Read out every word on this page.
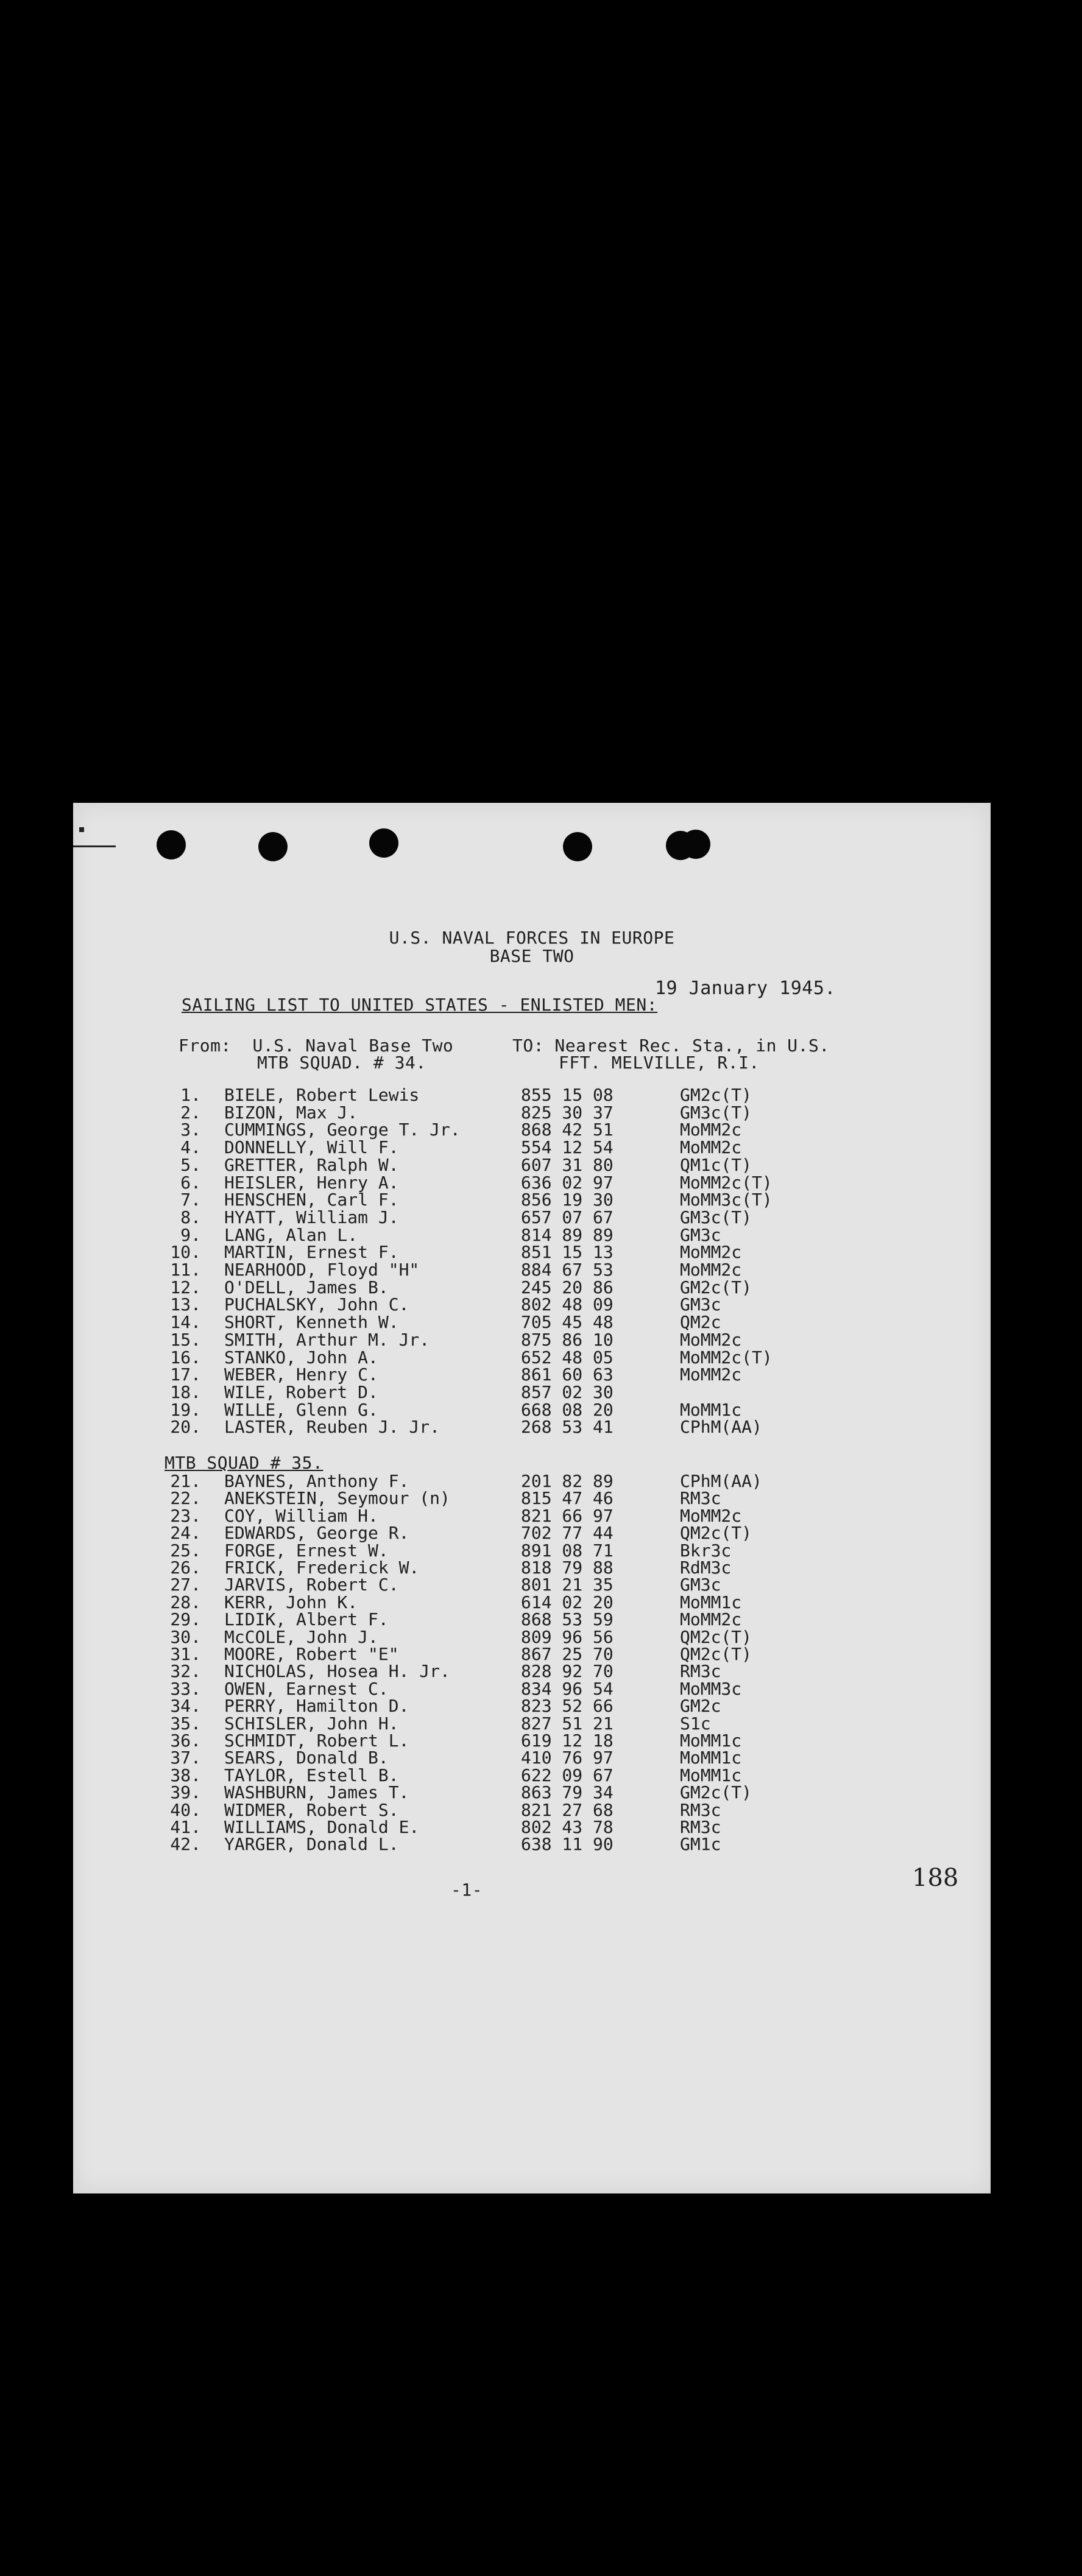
U.S. NAVAL FORCES IN EUROPE
BASE TWO
19 January 1945.
SAILING LIST TO UNITED STATES - ENLISTED MEN:
From:  U.S. Naval Base Two
MTB SQUAD. # 34.
TO: Nearest Rec. Sta., in U.S.
FFT. MELVILLE, R.I.
1. BIELE, Robert Lewis	855 15 08	GM2c(T)
2. BIZON, Max J.	825 30 37	GM3c(T)
3. CUMMINGS, George T. Jr.	868 42 51	MoMM2c
4. DONNELLY, Will F.	554 12 54	MoMM2c
5. GRETTER, Ralph W.	607 31 80	QM1c(T)
6. HEISLER, Henry A.	636 02 97	MoMM2c(T)
7. HENSCHEN, Carl F.	856 19 30	MoMM3c(T)
8. HYATT, William J.	657 07 67	GM3c(T)
9. LANG, Alan L.	814 89 89	GM3c
10. MARTIN, Ernest F.	851 15 13	MoMM2c
11. NEARHOOD, Floyd "H"	884 67 53	MoMM2c
12. O'DELL, James B.	245 20 86	GM2c(T)
13. PUCHALSKY, John C.	802 48 09	GM3c
14. SHORT, Kenneth W.	705 45 48	QM2c
15. SMITH, Arthur M. Jr.	875 86 10	MoMM2c
16. STANKO, John A.	652 48 05	MoMM2c(T)
17. WEBER, Henry C.	861 60 63	MoMM2c
18. WILE, Robert D.	857 02 30
19. WILLE, Glenn G.	668 08 20	MoMM1c
20. LASTER, Reuben J. Jr.	268 53 41	CPhM(AA)
MTB SQUAD # 35.
21. BAYNES, Anthony F.	201 82 89	CPhM(AA)
22. ANEKSTEIN, Seymour (n)	815 47 46	RM3c
23. COY, William H.	821 66 97	MoMM2c
24. EDWARDS, George R.	702 77 44	QM2c(T)
25. FORGE, Ernest W.	891 08 71	Bkr3c
26. FRICK, Frederick W.	818 79 88	RdM3c
27. JARVIS, Robert C.	801 21 35	GM3c
28. KERR, John K.	614 02 20	MoMM1c
29. LIDIK, Albert F.	868 53 59	MoMM2c
30. McCOLE, John J.	809 96 56	QM2c(T)
31. MOORE, Robert "E"	867 25 70	QM2c(T)
32. NICHOLAS, Hosea H. Jr.	828 92 70	RM3c
33. OWEN, Earnest C.	834 96 54	MoMM3c
34. PERRY, Hamilton D.	823 52 66	GM2c
35. SCHISLER, John H.	827 51 21	S1c
36. SCHMIDT, Robert L.	619 12 18	MoMM1c
37. SEARS, Donald B.	410 76 97	MoMM1c
38. TAYLOR, Estell B.	622 09 67	MoMM1c
39. WASHBURN, James T.	863 79 34	GM2c(T)
40. WIDMER, Robert S.	821 27 68	RM3c
41. WILLIAMS, Donald E.	802 43 78	RM3c
42. YARGER, Donald L.	638 11 90	GM1c
-1-	188
